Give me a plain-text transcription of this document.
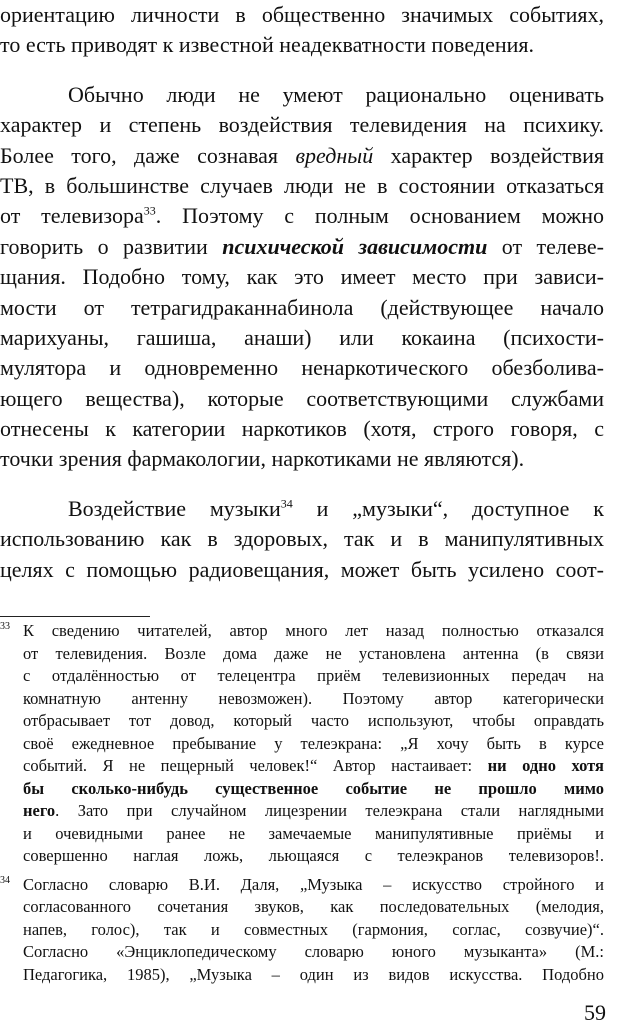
ориентацию личности в общественно значимых событиях,
то есть приводят к известной неадекватности поведения.
Обычно люди не умеют рационально оценивать
характер и степень воздействия телевидения на психику.
Более того, даже сознавая вредный характер воздействия
ТВ, в большинстве случаев люди не в состоянии отказаться
от телевизора$^{33}$. Поэтому с полным основанием можно
говорить о развитии психической зависимости от телеве-
щания. Подобно тому, как это имеет место при зависи-
мости от тетрагидраканнабинола (действующее начало
марихуаны, гашиша, анаши) или кокаина (психости-
мулятора и одновременно ненаркотического обезболива-
ющего вещества), которые соответствующими службами
отнесены к категории наркотиков (хотя, строго говоря, с
точки зрения фармакологии, наркотиками не являются).
Воздействие музыки$^{34}$ и „музыки“, доступное к
использованию как в здоровых, так и в манипулятивных
целях с помощью радиовещания, может быть усилено соот-
33 К сведению читателей, автор много лет назад полностью отказался
от телевидения. Возле дома даже не установлена антенна (в связи
с отдалённостью от телецентра приём телевизионных передач на
комнатную антенну невозможен). Поэтому автор категорически
отбрасывает тот довод, который часто используют, чтобы оправдать
своё ежедневное пребывание у телеэкрана: „Я хочу быть в курсе
событий. Я не пещерный человек!“ Автор настаивает: ни одно хотя
бы сколько-нибудь существенное событие не прошло мимо
него. Зато при случайном лицезрении телеэкрана стали наглядными
и очевидными ранее не замечаемые манипулятивные приёмы и
совершенно наглая ложь, льющаяся с телеэкранов телевизоров!.
34 Согласно словарю В.И. Даля, „Музыка – искусство стройного и
согласованного сочетания звуков, как последовательных (мелодия,
напев, голос), так и совместных (гармония, соглас, созвучие)“.
Согласно «Энциклопедическому словарю юного музыканта» (М.:
Педагогика, 1985), „Музыка – один из видов искусства. Подобно
59
